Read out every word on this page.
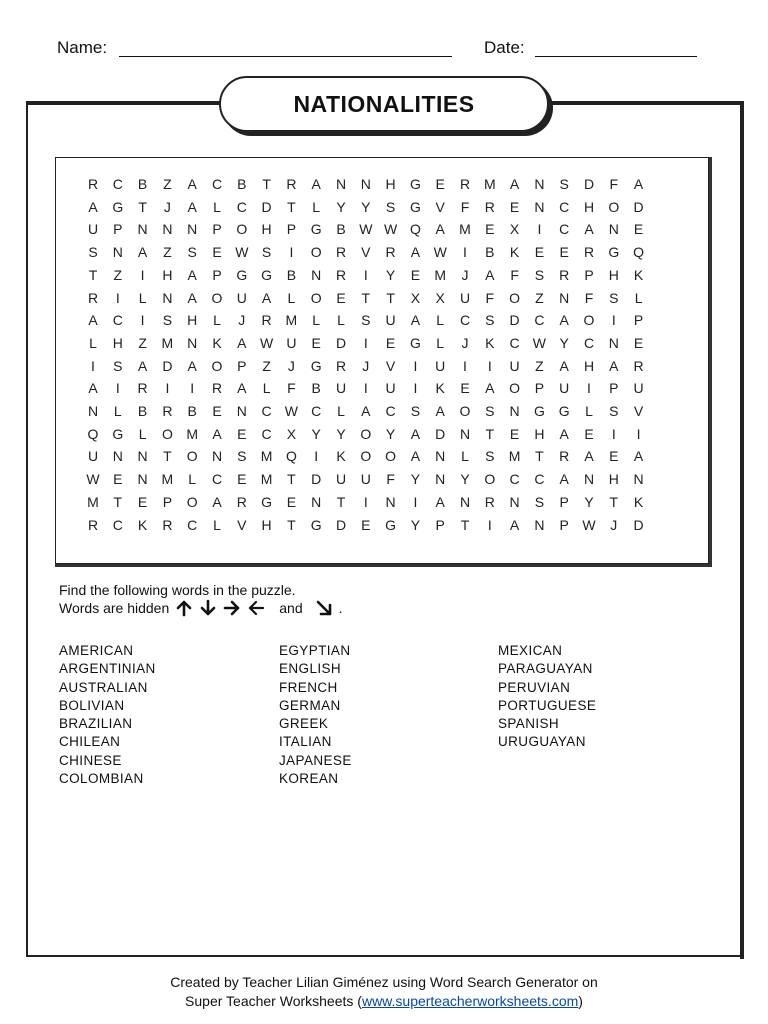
Name:	Date:
NATIONALITIES
R	C	B	Z	A	C	B	T	R	A	N	N	H	G	E	R M	A	N	S	D	F	A
A	G	T	J	A	L	C	D	T	L	Y	Y	S	G	V	F	R	E	N	C	H	O	D
U	P	N	N	N	P	O	H	P	G	B W W Q	A	M	E	X	I	C	A	N	E
S	N	A	Z	S	E W S	I	O	R	V	R	A W	I	B	K	E	E	R	G Q
T	Z	I	H	A	P	G G	B	N	R	I	Y	E	M	J	A	F	S	R	P	H	K
R	I	L	N	A	O	U	A	L	O	E	T	T	X	X	U	F	O	Z	N	F	S	L
A	C	I	S	H	L	J	R M	L	L	S	U	A	L	C	S	D	C	A	O	I	P
L	H	Z	M N	K	A W U	E	D	I	E	G	L	J	K	C W Y	C	N	E
I	S	A	D	A	O	P	Z	J	G	R	J	V	I	U	I	I	U	Z	A	H	A	R
A	I	R	I	I	R	A	L	F	B	U	I	U	I	K	E	A	O	P	U	I	P	U
N	L	B	R	B	E	N	C W C	L	A	C	S	A	O	S	N	G G	L	S	V
Q G	L	O M	A	E	C	X	Y	Y	O	Y	A	D	N	T	E	H	A	E	I	I
U	N	N	T	O	N	S	M Q	I	K	O O	A	N	L	S	M	T	R	A	E	A
W E	N M	L	C	E	M	T	D	U	U	F	Y	N	Y	O	C	C	A	N	H	N
M	T	E	P	O	A	R	G	E	N	T	I	N	I	A	N	R	N	S	P	Y	T	K
R	C	K	R	C	L	V	H	T	G	D	E	G	Y	P	T	I	A	N	P W	J	D
Find the following words in the puzzle.
Words are hidden	and	.
AMERICAN
ARGENTINIAN
AUSTRALIAN
BOLIVIAN
BRAZILIAN
CHILEAN
CHINESE
COLOMBIAN
EGYPTIAN
ENGLISH
FRENCH
GERMAN
GREEK
ITALIAN
JAPANESE
KOREAN
MEXICAN
PARAGUAYAN
PERUVIAN
PORTUGUESE
SPANISH
URUGUAYAN
Created by Teacher Lilian Giménez using Word Search Generator on
Super Teacher Worksheets (www.superteacherworksheets.com)
